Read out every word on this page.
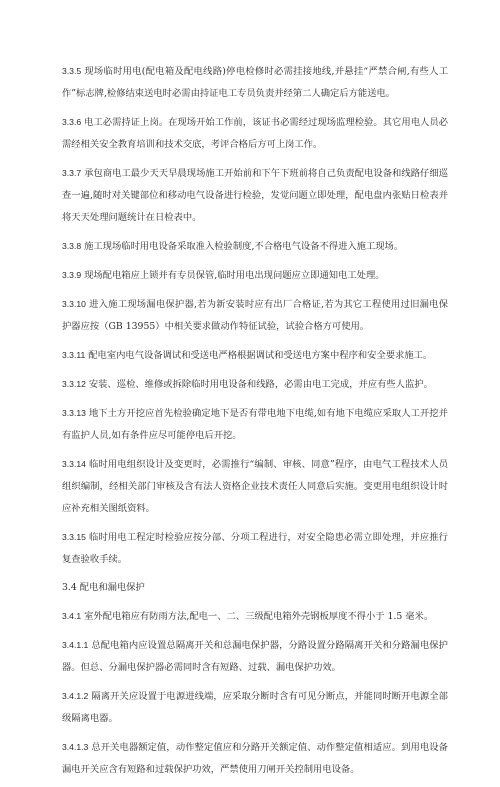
3.3.5 现场临时用电(配电箱及配电线路)停电检修时必需挂接地线,并悬挂“严禁合闸,有些人工作”标志牌,检修结束送电时必需由持证电工专员负责并经第二人确定后方能送电。

3.3.6 电工必需持证上岗。在现场开始工作前，该证书必需经过现场监理检验。其它用电人员必需经相关安全教育培训和技术交底，考评合格后方可上岗工作。

3.3.7 承包商电工最少天天早晨现场施工开始前和下午下班前将自己负责配电设备和线路仔细巡查一遍,随时对关键部位和移动电气设备进行检验，发觉问题立即处理，配电盘内张贴日检表并将天天处理问题统计在日检表中。

3.3.8 施工现场临时用电设备采取准入检验制度,不合格电气设备不得进入施工现场。

3.3.9 现场配电箱应上锁并有专员保管,临时用电出现问题应立即通知电工处理。

3.3.10 进入施工现场漏电保护器,若为新安装时应有出厂合格证,若为其它工程使用过旧漏电保护器应按（GB 13955）中相关要求做动作特征试验，试验合格方可使用。

3.3.11 配电室内电气设备调试和受送电严格根据调试和受送电方案中程序和安全要求施工。

3.3.12 安装、巡检、维修或拆除临时用电设备和线路，必需由电工完成，并应有些人监护。

3.3.13 地下土方开挖应首先检验确定地下是否有带电地下电缆,如有地下电缆应采取人工开挖并有监护人员,如有条件应尽可能停电后开挖。

3.3.14 临时用电组织设计及变更时，必需推行“编制、审核、同意”程序，由电气工程技术人员组织编制，经相关部门审核及含有法人资格企业技术责任人同意后实施。变更用电组织设计时应补充相关图纸资料。

3.3.15 临时用电工程定时检验应按分部、分项工程进行，对安全隐患必需立即处理，并应推行复查验收手续。

3.4 配电和漏电保护

3.4.1 室外配电箱应有防雨方法,配电一、二、三级配电箱外壳钢板厚度不得小于 1.5 毫米。

3.4.1.1 总配电箱内应设置总隔离开关和总漏电保护器，分路设置分路隔离开关和分路漏电保护器。但总、分漏电保护器必需同时含有短路、过载、漏电保护功效。

3.4.1.2 隔离开关应设置于电源进线端，应采取分断时含有可见分断点，并能同时断开电源全部级隔离电器。

3.4.1.3 总开关电器额定值，动作整定值应和分路开关额定值、动作整定值相适应。到用电设备漏电开关应含有短路和过载保护功效，严禁使用刀闸开关控制用电设备。
